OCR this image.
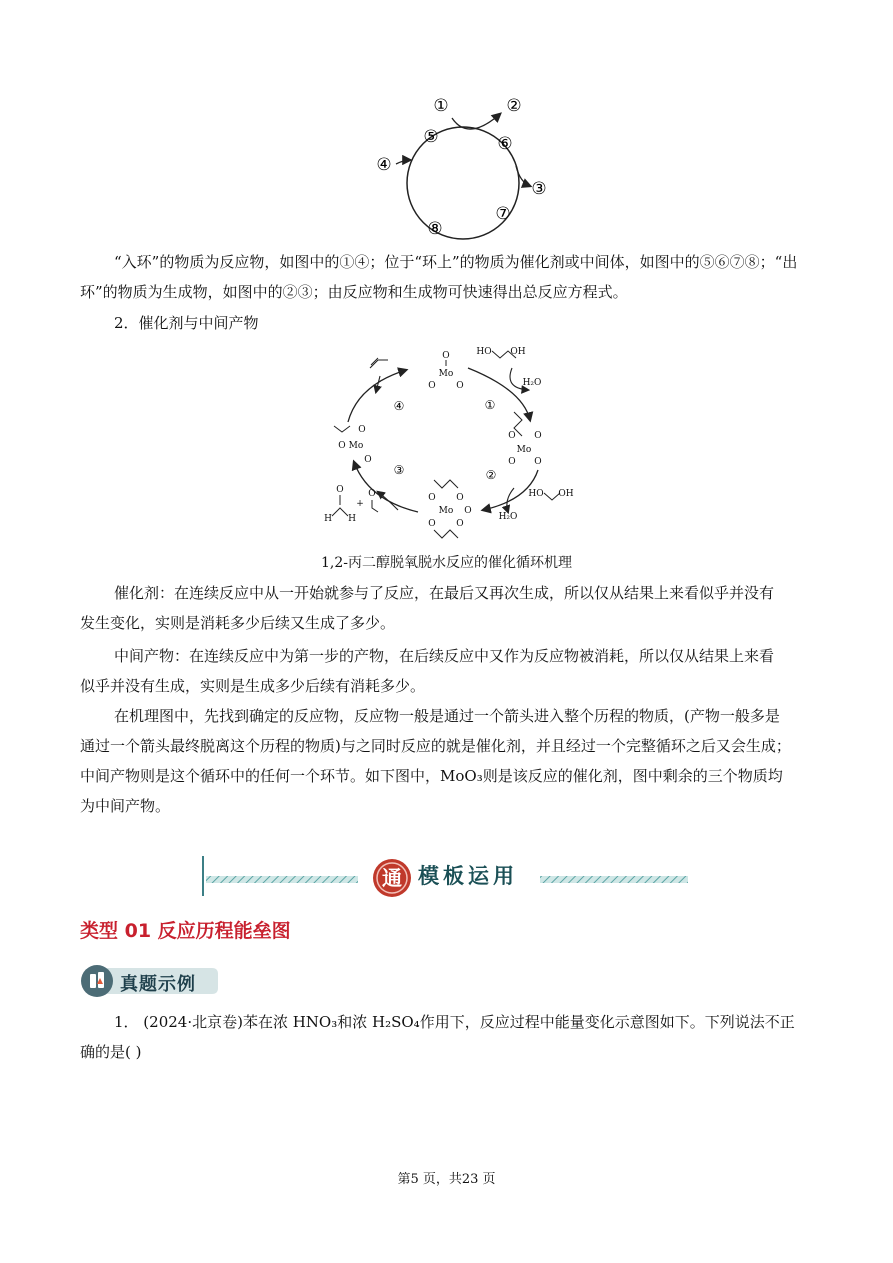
①	②
⑤	⑥
④
③
⑧
⑦
“入环”的物质为反应物，如图中的①④；位于“环上”的物质为催化剂或中间体，如图中的⑤⑥⑦⑧；“出
环”的物质为生成物，如图中的②③；由反应物和生成物可快速得出总反应方程式。
2．催化剂与中间产物
O
Mo
O O
HO OH
H₂O
O O
Mo
O O
HO OH
H₂O
O O
Mo O
O O
O
Mo
O
O
O
H H
+
O
①
②
③
④
1,2-丙二醇脱氧脱水反应的催化循环机理
催化剂：在连续反应中从一开始就参与了反应，在最后又再次生成，所以仅从结果上来看似乎并没有
发生变化，实则是消耗多少后续又生成了多少。
中间产物：在连续反应中为第一步的产物，在后续反应中又作为反应物被消耗，所以仅从结果上来看
似乎并没有生成，实则是生成多少后续有消耗多少。
在机理图中，先找到确定的反应物，反应物一般是通过一个箭头进入整个历程的物质，(产物一般多是
通过一个箭头最终脱离这个历程的物质)与之同时反应的就是催化剂，并且经过一个完整循环之后又会生成；
中间产物则是这个循环中的任何一个环节。如下图中，MoO₃则是该反应的催化剂，图中剩余的三个物质均
为中间产物。
通 模板运用
类型 01 反应历程能垒图
真题示例
1． (2024·北京卷)苯在浓 HNO₃和浓 H₂SO₄作用下，反应过程中能量变化示意图如下。下列说法不正
确的是( )
第5 页，共23 页
